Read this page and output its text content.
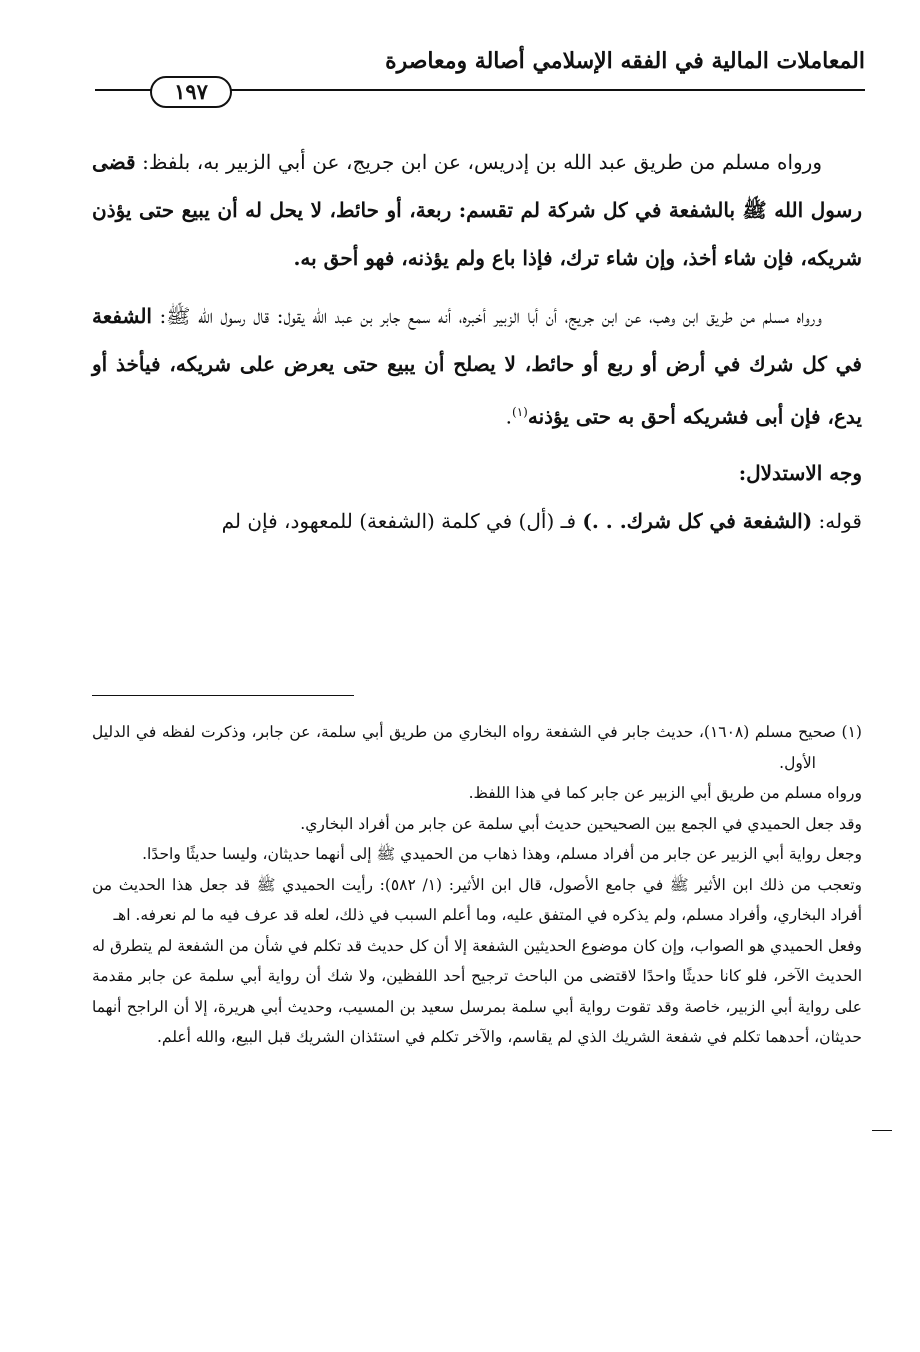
المعاملات المالية في الفقه الإسلامي أصالة ومعاصرة
١٩٧

ورواه مسلم من طريق عبد الله بن إدريس، عن ابن جريج، عن أبي الزبير به، بلفظ: قضى رسول الله ﷺ بالشفعة في كل شركة لم تقسم: ربعة، أو حائط، لا يحل له أن يبيع حتى يؤذن شريكه، فإن شاء أخذ، وإن شاء ترك، فإذا باع ولم يؤذنه، فهو أحق به.

ورواه مسلم من طريق ابن وهب، عن ابن جريج، أن أبا الزبير أخبره، أنه سمع جابر بن عبد الله يقول: قال رسول الله ﷺ: الشفعة في كل شرك في أرض أو ربع أو حائط، لا يصلح أن يبيع حتى يعرض على شريكه، فيأخذ أو يدع، فإن أبى فشريكه أحق به حتى يؤذنه$^{(١)}$.

وجه الاستدلال:

قوله: (الشفعة في كل شرك. . .) فـ (أل) في كلمة (الشفعة) للمعهود، فإن لم

(١) صحيح مسلم (١٦٠٨)، حديث جابر في الشفعة رواه البخاري من طريق أبي سلمة، عن جابر، وذكرت لفظه في الدليل الأول.

ورواه مسلم من طريق أبي الزبير عن جابر كما في هذا اللفظ.

وقد جعل الحميدي في الجمع بين الصحيحين حديث أبي سلمة عن جابر من أفراد البخاري.

وجعل رواية أبي الزبير عن جابر من أفراد مسلم، وهذا ذهاب من الحميدي ﷺ إلى أنهما حديثان، وليسا حديثًا واحدًا.

وتعجب من ذلك ابن الأثير ﷺ في جامع الأصول، قال ابن الأثير: (١/ ٥٨٢): رأيت الحميدي ﷺ قد جعل هذا الحديث من أفراد البخاري، وأفراد مسلم، ولم يذكره في المتفق عليه، وما أعلم السبب في ذلك، لعله قد عرف فيه ما لم نعرفه. اهـ

وفعل الحميدي هو الصواب، وإن كان موضوع الحديثين الشفعة إلا أن كل حديث قد تكلم في شأن من الشفعة لم يتطرق له الحديث الآخر، فلو كانا حديثًا واحدًا لاقتضى من الباحث ترجيح أحد اللفظين، ولا شك أن رواية أبي سلمة عن جابر مقدمة على رواية أبي الزبير، خاصة وقد تقوت رواية أبي سلمة بمرسل سعيد بن المسيب، وحديث أبي هريرة، إلا أن الراجح أنهما حديثان، أحدهما تكلم في شفعة الشريك الذي لم يقاسم، والآخر تكلم في استئذان الشريك قبل البيع، والله أعلم.
